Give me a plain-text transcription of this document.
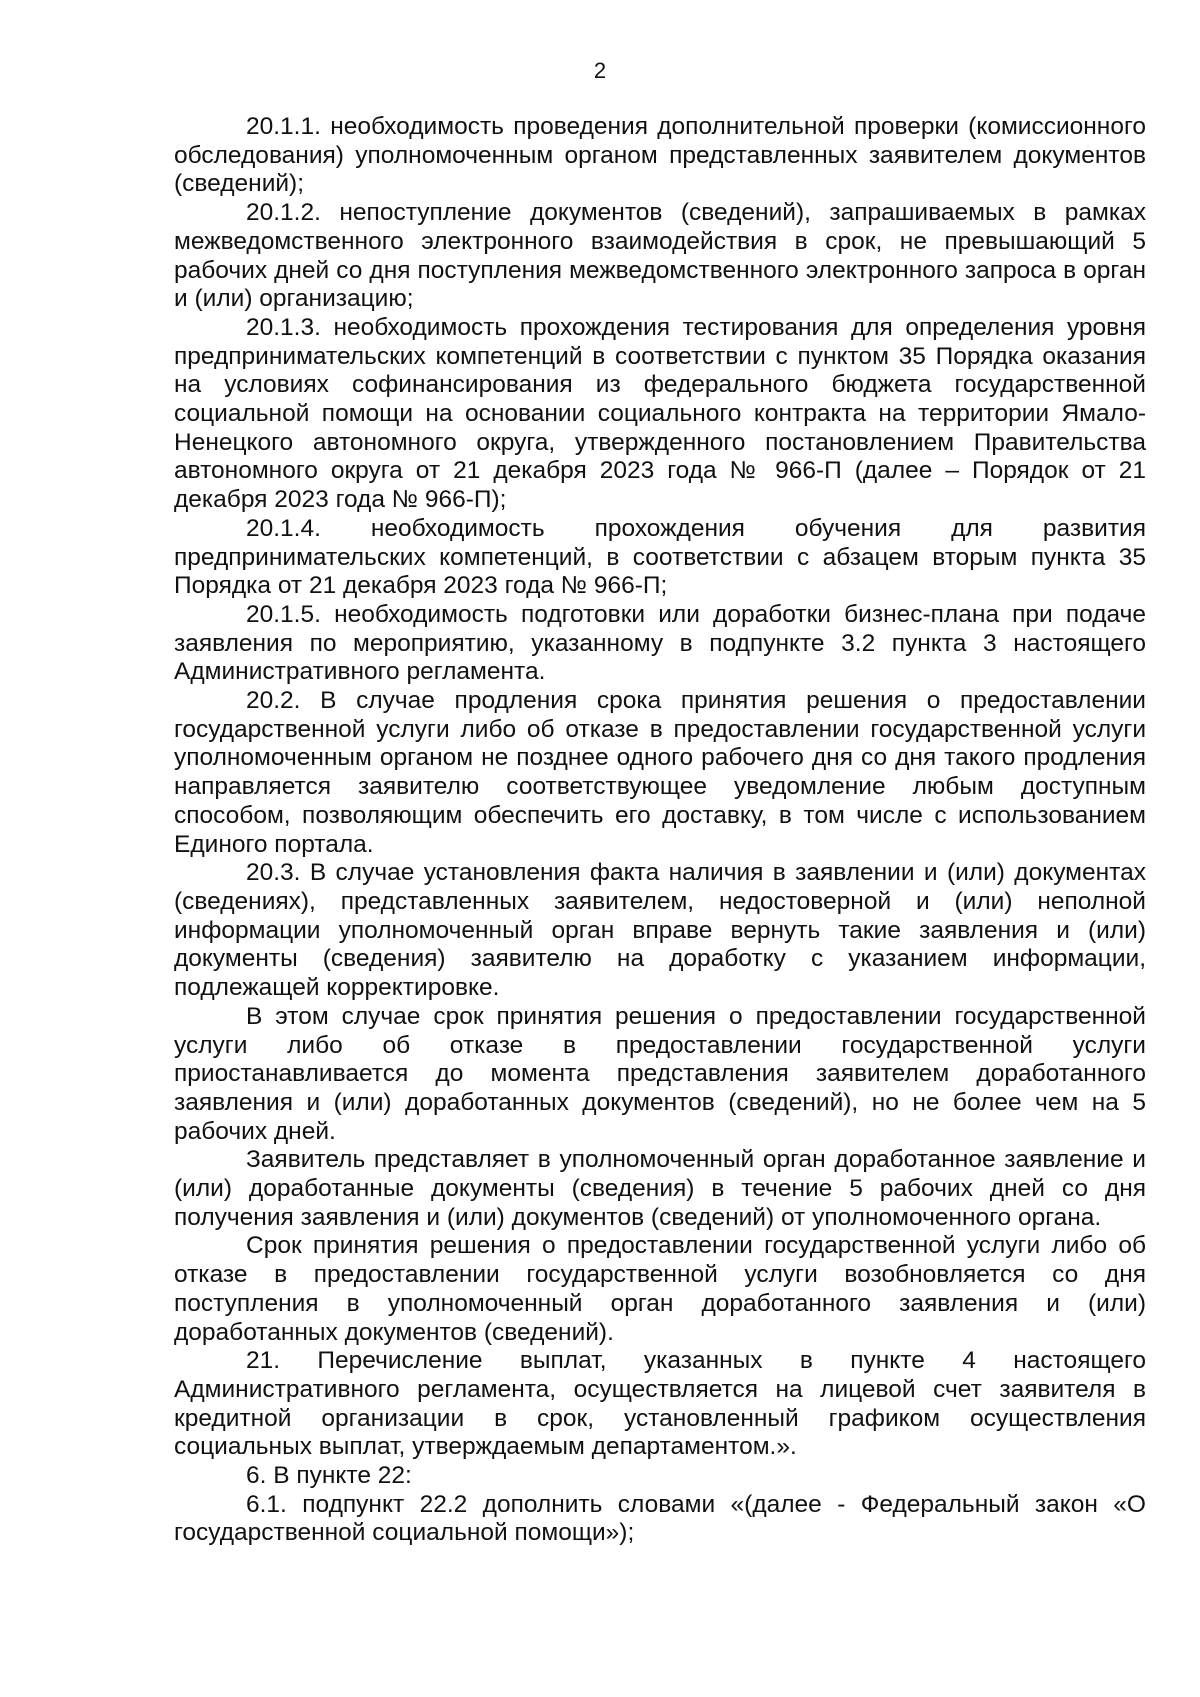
2

20.1.1. необходимость проведения дополнительной проверки (комиссионного обследования) уполномоченным органом представленных заявителем документов (сведений);

20.1.2. непоступление документов (сведений), запрашиваемых в рамках межведомственного электронного взаимодействия в срок, не превышающий 5 рабочих дней со дня поступления межведомственного электронного запроса в орган и (или) организацию;

20.1.3. необходимость прохождения тестирования для определения уровня предпринимательских компетенций в соответствии с пунктом 35 Порядка оказания на условиях софинансирования из федерального бюджета государственной социальной помощи на основании социального контракта на территории Ямало-Ненецкого автономного округа, утвержденного постановлением Правительства автономного округа от 21 декабря 2023 года № 966-П (далее – Порядок от 21 декабря 2023 года № 966-П);

20.1.4. необходимость прохождения обучения для развития предпринимательских компетенций, в соответствии с абзацем вторым пункта 35 Порядка от 21 декабря 2023 года № 966-П;

20.1.5. необходимость подготовки или доработки бизнес-плана при подаче заявления по мероприятию, указанному в подпункте 3.2 пункта 3 настоящего Административного регламента.

20.2. В случае продления срока принятия решения о предоставлении государственной услуги либо об отказе в предоставлении государственной услуги уполномоченным органом не позднее одного рабочего дня со дня такого продления направляется заявителю соответствующее уведомление любым доступным способом, позволяющим обеспечить его доставку, в том числе с использованием Единого портала.

20.3. В случае установления факта наличия в заявлении и (или) документах (сведениях), представленных заявителем, недостоверной и (или) неполной информации уполномоченный орган вправе вернуть такие заявления и (или) документы (сведения) заявителю на доработку с указанием информации, подлежащей корректировке.

В этом случае срок принятия решения о предоставлении государственной услуги либо об отказе в предоставлении государственной услуги приостанавливается до момента представления заявителем доработанного заявления и (или) доработанных документов (сведений), но не более чем на 5 рабочих дней.

Заявитель представляет в уполномоченный орган доработанное заявление и (или) доработанные документы (сведения) в течение 5 рабочих дней со дня получения заявления и (или) документов (сведений) от уполномоченного органа.

Срок принятия решения о предоставлении государственной услуги либо об отказе в предоставлении государственной услуги возобновляется со дня поступления в уполномоченный орган доработанного заявления и (или) доработанных документов (сведений).

21. Перечисление выплат, указанных в пункте 4 настоящего Административного регламента, осуществляется на лицевой счет заявителя в кредитной организации в срок, установленный графиком осуществления социальных выплат, утверждаемым департаментом.».

6. В пункте 22:

6.1. подпункт 22.2 дополнить словами «(далее - Федеральный закон «О государственной социальной помощи»);
